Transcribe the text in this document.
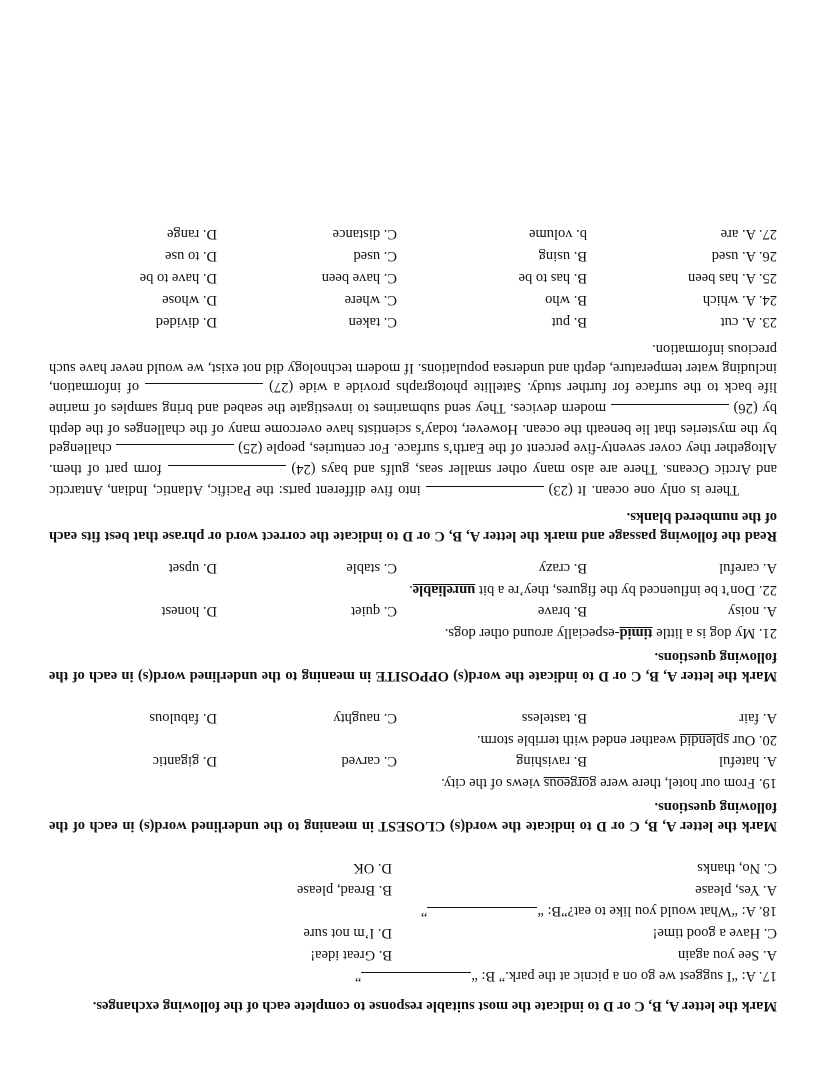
Mark the letter A, B, C or D to indicate the most suitable response to complete each of the following exchanges.

17. A: “I suggest we go on a picnic at the park.” B: “”
A. See you again
B. Great idea!
C. Have a good time!
D. I’m not sure
18. A: “What would you like to eat?”B: “”
A. Yes, please
B. Bread, please
C. No, thanks
D. OK

Mark the letter A, B, C or D to indicate the word(s) CLOSEST in meaning to the underlined word(s) in each of the following questions.

19. From our hotel, there were gorgeous views of the city.
A. hateful
B. ravishing
C. carved
D. gigantic
20. Our splendid weather ended with terrible storm.
A. fair
B. tasteless
C. naughty
D. fabulous

Mark the letter A, B, C or D to indicate the word(s) OPPOSITE in meaning to the underlined word(s) in each of the following questions.

21. My dog is a little timid-especially around other dogs.
A. noisy
B. brave
C. quiet
D. honest
22. Don’t be influenced by the figures, they’re a bit unreliable.
A. careful
B. crazy
C. stable
D. upset

Read the following passage and mark the letter A, B, C or D to indicate the correct word or phrase that best fits each of the numbered blanks.

There is only one ocean. It (23)  into five different parts: the Pacific, Atlantic, Indian, Antarctic and Arctic Oceans. There are also many other smaller seas, gulfs and bays (24)  form part of them. Altogether they cover seventy-five percent of the Earth’s surface. For centuries, people (25)  challenged by the mysteries that lie beneath the ocean. However, today’s scientists have overcome many of the challenges of the depth by (26)  modern devices. They send submarines to investigate the seabed and bring samples of marine life back to the surface for further study. Satellite photographs provide a wide (27)  of information, including water temperature, depth and undersea populations. If modern technology did not exist, we would never have such precious information.

23. A. cut
B. put
C. taken
D. divided
24. A. which
B. who
C. where
D. whose
25. A. has been
B. has to be
C. have been
D. have to be
26. A. used
B. using
C. used
D. to use
27. A. are
b. volume
C. distance
D. range
